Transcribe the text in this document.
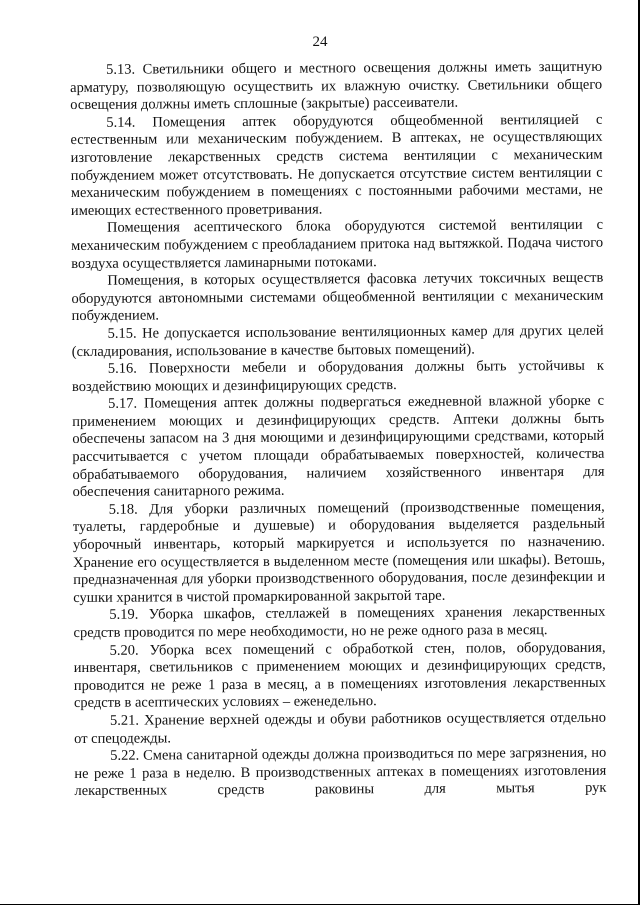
24

5.13. Светильники общего и местного освещения должны иметь защитную арматуру, позволяющую осуществить их влажную очистку. Светильники общего освещения должны иметь сплошные (закрытые) рассеиватели.

5.14. Помещения аптек оборудуются общеобменной вентиляцией с естественным или механическим побуждением. В аптеках, не осуществляющих изготовление лекарственных средств система вентиляции с механическим побуждением может отсутствовать. Не допускается отсутствие систем вентиляции с механическим побуждением в помещениях с постоянными рабочими местами, не имеющих естественного проветривания.

Помещения асептического блока оборудуются системой вентиляции с механическим побуждением с преобладанием притока над вытяжкой. Подача чистого воздуха осуществляется ламинарными потоками.

Помещения, в которых осуществляется фасовка летучих токсичных веществ оборудуются автономными системами общеобменной вентиляции с механическим побуждением.

5.15. Не допускается использование вентиляционных камер для других целей (складирования, использование в качестве бытовых помещений).

5.16. Поверхности мебели и оборудования должны быть устойчивы к воздействию моющих и дезинфицирующих средств.

5.17. Помещения аптек должны подвергаться ежедневной влажной уборке с применением моющих и дезинфицирующих средств. Аптеки должны быть обеспечены запасом на 3 дня моющими и дезинфицирующими средствами, который рассчитывается с учетом площади обрабатываемых поверхностей, количества обрабатываемого оборудования, наличием хозяйственного инвентаря для обеспечения санитарного режима.

5.18. Для уборки различных помещений (производственные помещения, туалеты, гардеробные и душевые) и оборудования выделяется раздельный уборочный инвентарь, который маркируется и используется по назначению. Хранение его осуществляется в выделенном месте (помещения или шкафы). Ветошь, предназначенная для уборки производственного оборудования, после дезинфекции и сушки хранится в чистой промаркированной закрытой таре.

5.19. Уборка шкафов, стеллажей в помещениях хранения лекарственных средств проводится по мере необходимости, но не реже одного раза в месяц.

5.20. Уборка всех помещений с обработкой стен, полов, оборудования, инвентаря, светильников с применением моющих и дезинфицирующих средств, проводится не реже 1 раза в месяц, а в помещениях изготовления лекарственных средств в асептических условиях – еженедельно.

5.21. Хранение верхней одежды и обуви работников осуществляется отдельно от спецодежды.

5.22. Смена санитарной одежды должна производиться по мере загрязнения, но не реже 1 раза в неделю. В производственных аптеках в помещениях изготовления лекарственных средств раковины для мытья рук
